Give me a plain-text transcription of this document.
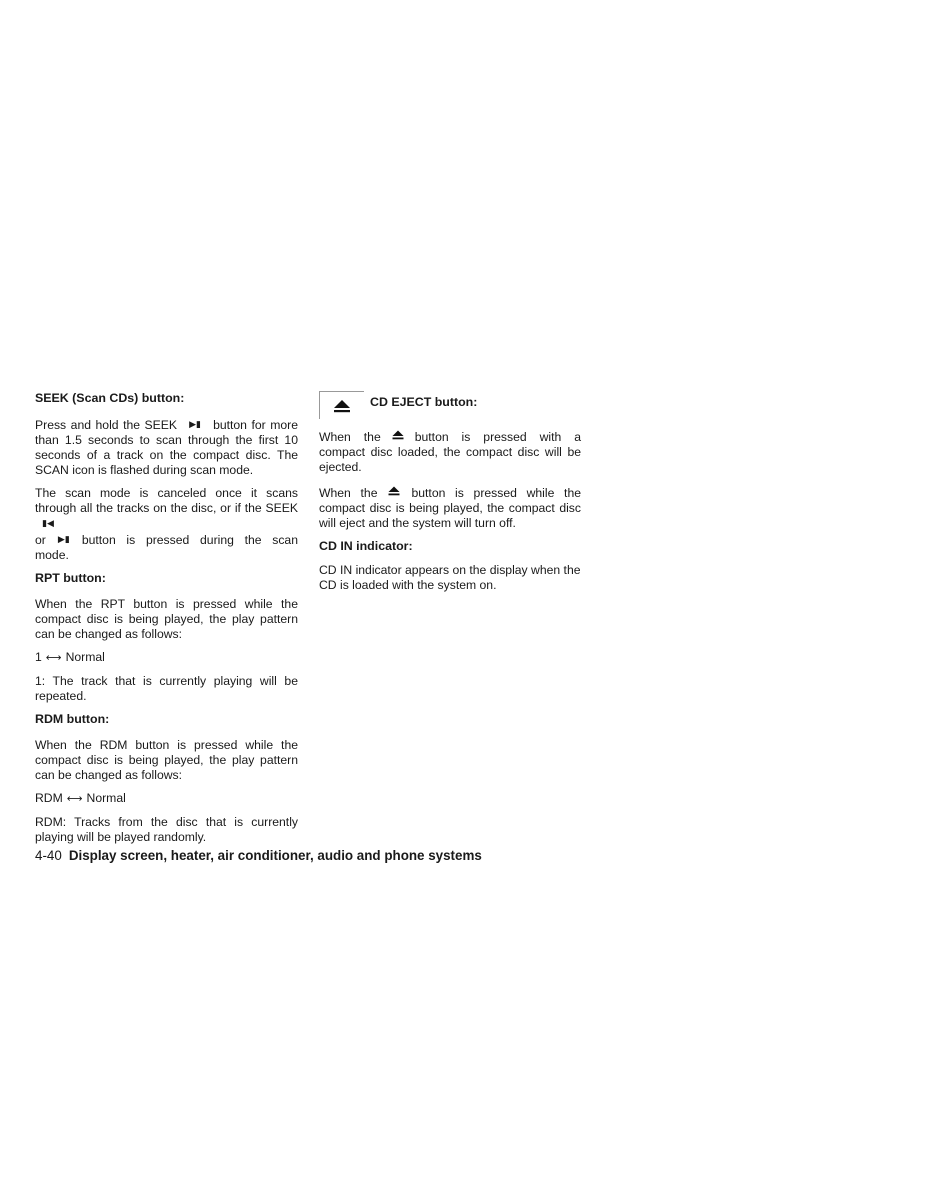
SEEK (Scan CDs) button:
Press and hold the SEEK ▶▮ button for more than 1.5 seconds to scan through the first 10 seconds of a track on the compact disc. The SCAN icon is flashed during scan mode.
The scan mode is canceled once it scans through all the tracks on the disc, or if the SEEK▮◀
or ▶▮ button is pressed during the scan mode.
RPT button:
When the RPT button is pressed while the compact disc is being played, the play pattern can be changed as follows:
1 ⟷ Normal
1: The track that is currently playing will be repeated.
RDM button:
When the RDM button is pressed while the compact disc is being played, the play pattern can be changed as follows:
RDM ⟷ Normal
RDM: Tracks from the disc that is currently playing will be played randomly.
CD EJECT button:
When the	button is pressed with a compact disc loaded, the compact disc will be ejected.
When the	button is pressed while the compact disc is being played, the compact disc will eject and the system will turn off.
CD IN indicator:
CD IN indicator appears on the display when the CD is loaded with the system on.
4-40 Display screen, heater, air conditioner, audio and phone systems
